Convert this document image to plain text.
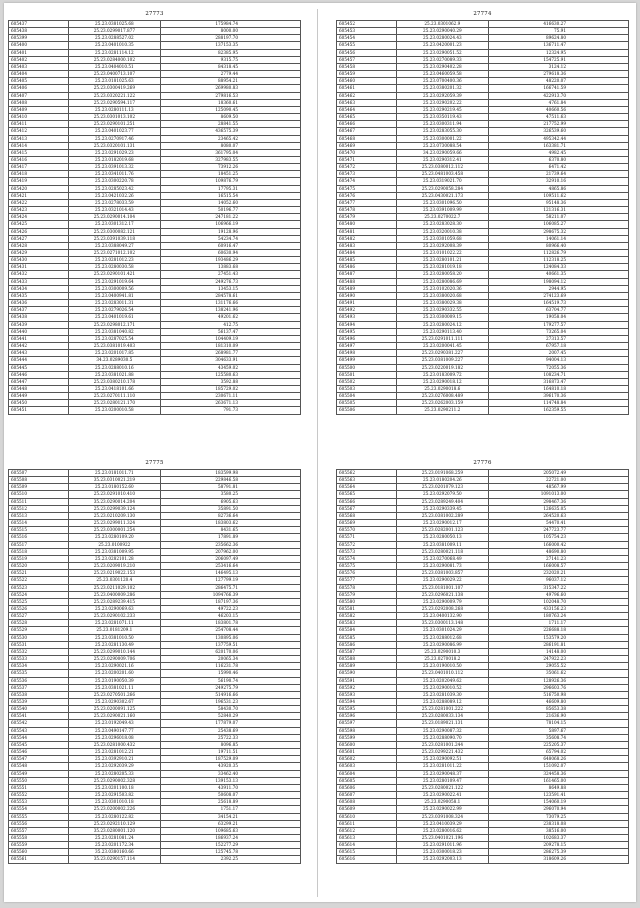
27773
605437	25.23.0381025.68	175984.74
605438	25.23.0299017.877	8000.00
605399	25.23.0288527.02	288197.70
605400	25.23.0401010.35	137153.35
605401	25.23.0281114.12	82385.95
605402	25.23.0284000.102	9315.75
605403	25.23.0404010.51	84318.45
605404	25.23.0400713.107	2779.44
605405	25.23.0181025.63	88954.21
605406	25.23.0300419.269	269980.83
605407	25.23.0320221.122	279816.53
605408	25.23.0290594.117	18360.61
605409	25.23.0280111.13	125090.45
605410	25.23.0301013.102	8609.50
605411	25.23.0290101.251	28841.55
605412	25.23.0401023.77	436575.39
605413	25.23.0270917.46	23465.42
605414	25.23.0320101.131	8080.07
605415	25.23.0291029.23	361795.04
605416	25.23.0182019.68	327983.55
605417	25.23.0391013.32	73912.26
605418	25.23.0341011.76	18451.25
605419	25.23.0300220.78	109876.79
605420	25.23.0285023.42	17795.31
605421	25.23.0421032.26	16515.54
605422	25.23.0278033.59	14052.60
605423	25.23.0321014.43	50196.77
605424	25.23.0290014.104	247181.22
605425	25.23.0301312.17	106966.19
605426	25.23.0300082.121	19128.96
605427	25.23.0391039.118	54234.74
605428	25.23.0388049.27	60916.47
605429	25.23.0271012.102	60630.94
605430	25.23.0281012.23	193486.29
605431	25.23.0280030.58	13883.68
605432	25.23.0290101.421	27451.43
605433	25.23.0291019.64	249276.73
605434	25.23.0300009.56	13453.15
605435	25.23.0400941.81	284578.61
605436	25.23.0283011.31	131176.66
605437	25.23.0279026.54	138241.96
605438	25.23.0401019.61	49201.62
605439	25.23.0298012.171	412.75
605440	25.23.0381040.82	56137.47
605441	25.23.0287025.54	104409.19
605442	25.23.0381019.403	181310.09
605443	25.23.0201017.85	268981.77
605444	34.23.0289030.5	304633.91
605445	25.23.0288010.16	43459.02
605446	25.23.0381021.88	125580.63
605447	25.23.0380210.178	3592.88
605448	25.23.0418101.66	185729.02
605449	25.23.0270111.110	230671.11
605450	25.23.0280121.170	263671.13
605451	25.23.0200010.58	791.73
27774
605452	25.23.0301062.9	416630.27
605453	25.23.0290040.29	75.91
605454	25.23.0280024.43	89624.80
605455	25.23.0420001.23	136711.47
605456	25.23.0290051.52	12324.95
605457	25.23.0270089.33	154725.91
605458	25.23.0290402.28	3124.12
605459	25.23.0460059.58	279618.36
605460	25.23.0700400.36	48220.07
605461	25.23.0380201.32	166741.59
605462	25.23.0292059.39	422913.70
605463	25.23.0290202.22	4761.84
605464	25.23.0290219.45	40660.56
605465	25.23.0350119.43	47511.63
605466	25.23.0300311.94	217752.99
605467	25.23.0283055.30	326539.60
605468	25.23.0300001.22	495342.44
605469	25.23.0730088.54	163381.71
605470	34.23.0290059.66	4982.45
605471	25.23.0290312.41	6370.80
605472	25.23.0380012.112	6471.42
605473	25.23.0481003.458	21739.64
605474	25.23.0319021.70	32910.16
605475	25.23.0290058.284	4865.86
605476	25.23.0430021.173	109511.62
605477	25.23.0301096.50	95148.36
605478	25.23.0391009.99	121316.31
605479	25.23.0270022.7	58211.07
605480	25.23.0283028.30	106085.27
605481	25.23.0320010.38	298675.32
605482	25.23.0301059.68	14061.14
605483	25.23.0292008.39	80966.40
605484	25.23.0101022.22	112826.79
605485	25.23.0280101.21	112318.25
605486	25.23.0281019.18	124084.33
605487	25.23.0280058.20	40661.35
605488	25.23.0280086.69	198094.12
605489	25.23.0102020.36	2944.95
605490	25.23.0380020.68	274123.69
605491	25.23.0380029.38	164519.73
605492	25.23.0290332.55	63704.77
605493	25.23.0300009.15	19058.04
605494	25.23.0280024.12	179277.57
605495	25.23.0290113.40	73265.04
605496	25.23.0291011.111	27313.57
605497	25.23.0200041.45	67957.18
605498	25.23.0290381.227	2007.45
605499	25.23.0381009.227	94004.13
605500	25.23.0220019.182	72055.36
605501	25.23.0183009.72	108234.71
605502	25.23.0290018.12	316873.47
605503	25.23.0290018.6	164810.18
605504	25.23.0276008.489	396170.36
605505	25.23.0262003.159	114748.84
605506	25.23.0290211.2	162359.55
27775
605507	25.23.0181011.71	183599.98
605508	35.23.0310021.219	229846.58
605509	25.23.0180152.60	58791.81
605510	25.23.0291010.410	3580.25
605511	35.23.0290014.204	6905.63
605512	25.23.0299039.124	35891.50
605513	25.23.0210209.130	82736.64
605514	25.23.0299011.324	183803.62
605515	25.23.0300001.254	8431.65
605516	25.23.0280109.20	17891.89
605517	25.23.0100922	235662.36
605518	25.23.0381009.95	207962.00
605519	25.23.0282101.28	206097.49
605520	25.23.0209019.210	253416.64
605521	25.23.0219022.153	146495.13
605522	25.23.0301120.4	127799.19
605523	25.23.0211029.102	286475.71
605524	25.23.0400009.286	1094766.39
605525	25.23.0289239.415	187197.36
605526	25.23.0290069.63	49722.23
605527	25.23.0290102.233	46203.15
605528	25.23.0281071.11	183801.78
605529	25.23.0181209.1	254708.44
605530	25.23.0381010.50	130895.06
605531	25.23.0281130.49	137759.51
605532	25.23.0299010.144	620170.06
605533	25.23.0290009.706	20065.34
605534	25.23.0290021.16	116231.78
605535	25.23.0200201.60	15990.46
605536	25.23.0190050.39	56190.74
605537	25.23.0381021.11	249275.79
605538	25.23.0270501.266	514916.66
605539	25.23.0290302.67	196531.23
605540	25.23.0200091.125	58430.70
605541	25.23.0290021.160	52840.29
605542	25.23.0192049.43	177879.07
605543	25.23.0490147.77	25438.69
605544	25.23.0296018.08	25722.33
605545	25.23.0281000.432	8096.85
605546	25.23.0281012.21	19711.51
605547	25.23.0392910.21	187529.09
605548	25.23.0292039.29	43920.35
605549	25.23.0280205.33	33462.40
605550	25.23.0290002.328	139153.13
605551	25.23.0201100.18	43911.70
605552	25.23.0291503.82	50608.07
605553	25.23.0301010.18	25618.89
605554	25.23.0200002.226	1751.17
605555	25.23.0280122.82	34154.21
605556	25.23.0292110.129	63299.21
605557	35.23.0280001.120	109685.63
605558	25.23.0281081.24	186937.24
605559	25.23.0201172.34	152277.29
605560	35.23.0380160.66	125745.78
605561	35.23.0290157.114	2392.25
27776
605562	25.23.0191068.259	205072.49
605563	25.23.0180204.26	22721.00
605564	25.23.0201079.123	48567.99
605565	25.23.0292079.50	1091013.00
605566	25.23.0289249.404	298467.36
605567	25.23.0290339.45	126635.05
605568	25.23.0381002.289	264520.63
605569	25.23.0290012.17	54470.41
605570	25.23.0282001.123	247723.77
605571	25.23.0280050.13	105754.23
605572	25.23.0381009.11	166000.42
605573	25.23.0280021.118	48690.80
605574	25.23.0270068.49	27141.23
605575	25.23.0290081.73	166008.57
605576	25.23.0381003.857	232020.21
605577	25.23.0290029.22	96037.12
605578	25.23.0181001.107	315347.22
605579	25.23.0296021.138	49796.60
605580	25.23.0290009.79	102048.70
605581	25.23.0292008.268	433156.23
605582	25.23.0400132.90	180763.24
605583	35.23.0300113.148	1711.17
605584	25.23.0301024.29	226688.18
605585	25.23.0288012.68	153579.20
605586	25.23.0290086.99	286191.81
605587	25.23.0290010.3	14148.00
605588	25.23.0270018.2	247922.23
605589	25.23.0190010.50	29055.52
605590	25.23.0401010.112	35061.62
605591	25.23.0202049.62	128926.36
605592	25.23.0290010.52	296603.76
605593	25.23.0281039.30	516750.98
605594	25.23.0288089.12	46609.80
605595	25.23.0281001.222	85653.38
605596	25.23.0280033.134	21636.90
605597	25.23.0189021.131	78104.15
605598	25.23.0290087.32	5897.67
605599	25.23.0288090.70	35608.74
605600	25.23.0281001.244	225205.37
605601	25.23.0299221.432	65794.02
605602	25.23.0290092.51	648068.26
605603	25.23.0281011.22	151092.07
605604	25.23.0290048.37	324458.36
605605	25.23.0280109.47	161465.00
605606	25.23.0280021.122	8649.88
605607	25.23.0290022.41	123591.41
605608	25.23.0290058.1	154060.19
605609	25.23.0290022.99	296070.94
605610	25.23.0391008.324	73079.25
605611	25.23.0410039.29	238318.08
605612	25.23.0280016.62	38516.00
605613	25.23.0401021.196	102683.37
605614	25.23.0291011.96	209278.15
605615	25.23.0300018.23	286275.39
605616	25.23.0292003.13	318609.26
